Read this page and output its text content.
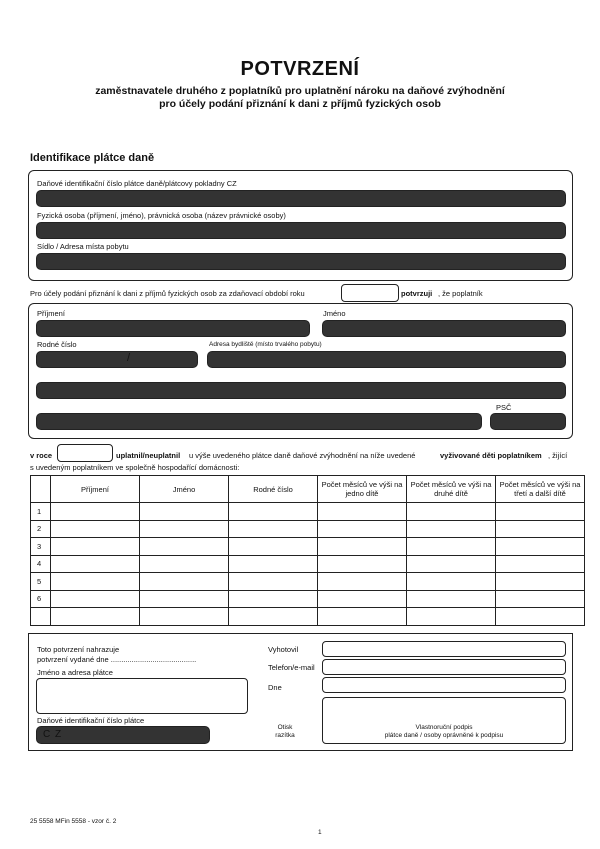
POTVRZENÍ
zaměstnavatele druhého z poplatníků pro uplatnění nároku na daňové zvýhodnění
pro účely podání přiznání k dani z příjmů fyzických osob
Identifikace plátce daně
Daňové identifikační číslo plátce daně/plátcovy pokladny CZ
Fyzická osoba (příjmení, jméno), právnická osoba (název právnické osoby)
Sídlo / Adresa místa pobytu
Pro účely podání přiznání k dani z příjmů fyzických osob za zdaňovací období roku	potvrzuji , že poplatník
Příjmení	Jméno
Rodné číslo
/
Adresa bydliště (místo trvalého pobytu)
PSČ
v roce	uplatnil/neuplatnil u výše uvedeného plátce daně daňové zvýhodnění na níže uvedené	vyživované děti poplatníkem , žijící
s uvedeným poplatníkem ve společně hospodařící domácnosti:
	Příjmení	Jméno	Rodné číslo	Počet měsíců ve výši na jedno dítě	Počet měsíců ve výši na druhé dítě	Počet měsíců ve výši na třetí a další dítě
1						
2						
3						
4						
5						
6						

Toto potvrzení nahrazuje
potvrzení vydané dne .........................................
Jméno a adresa plátce
Daňové identifikační číslo plátce
C Z
Vyhotovil
Telefon/e-mail
Dne
Otisk
razítka
Vlastnoruční podpis
plátce daně / osoby oprávněné k podpisu
25 5558 MFin 5558 - vzor č. 2
1
